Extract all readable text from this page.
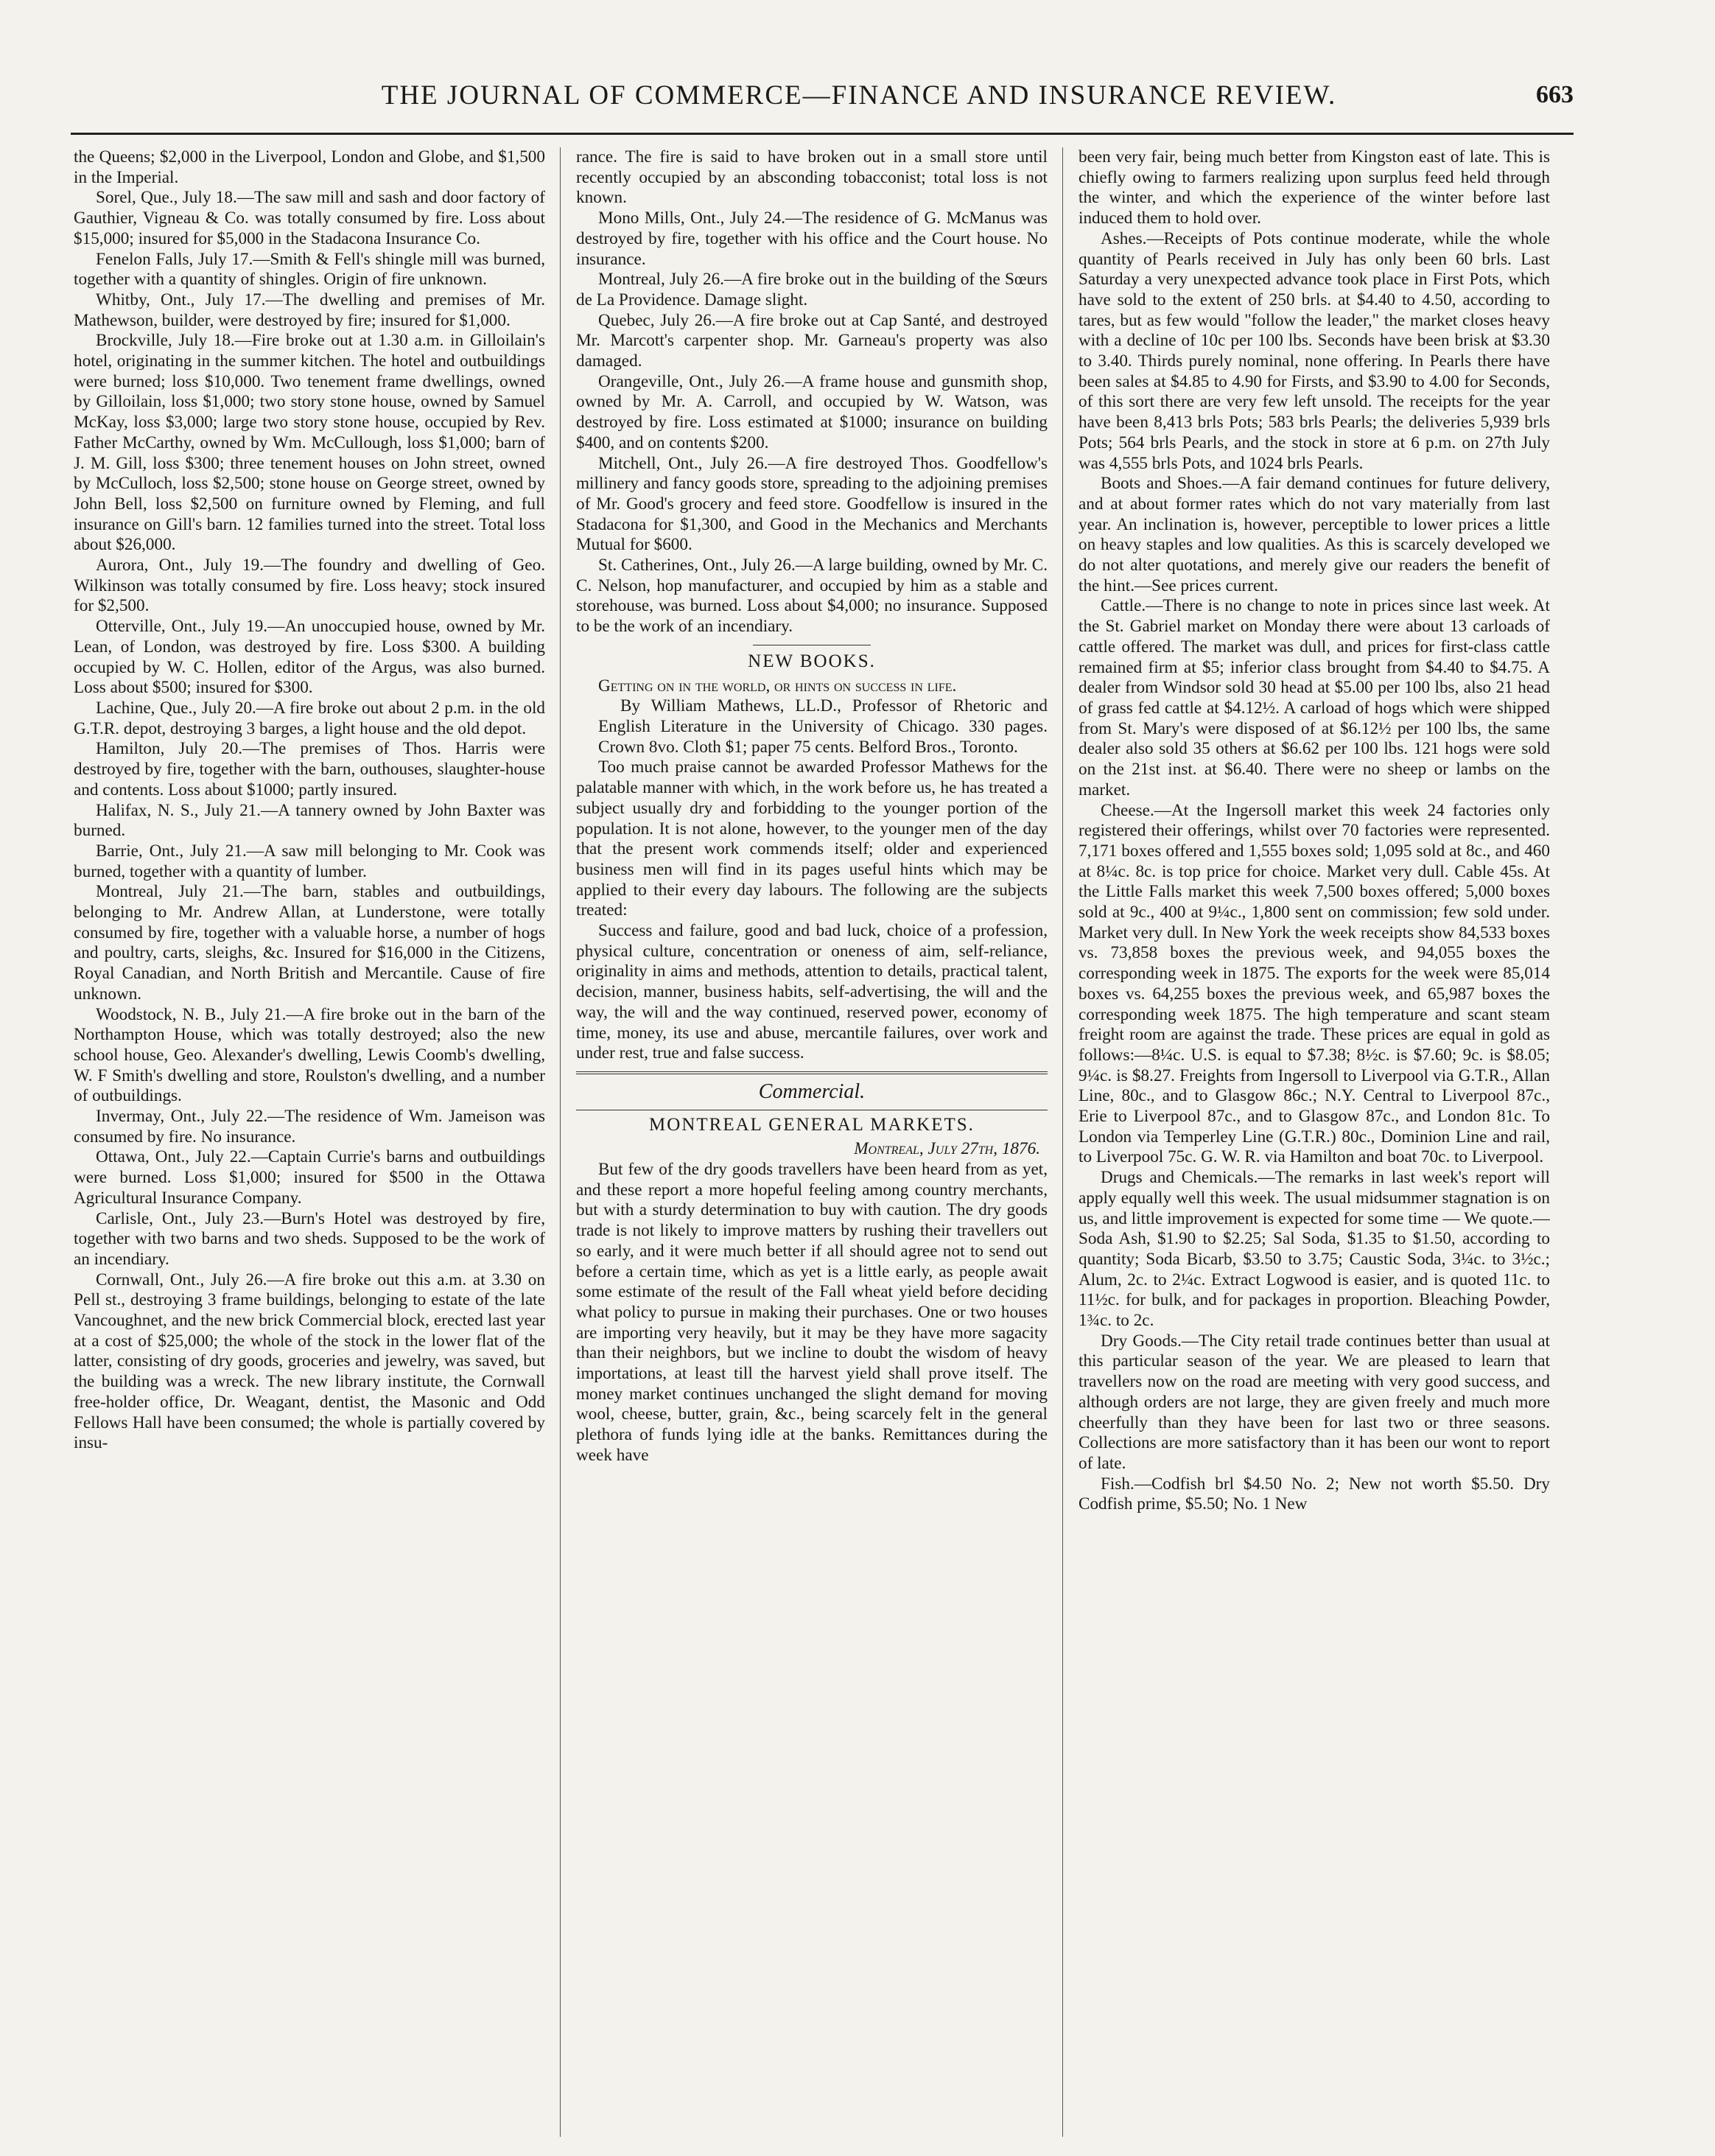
THE JOURNAL OF COMMERCE—FINANCE AND INSURANCE REVIEW.	663

the Queens; $2,000 in the Liverpool, London and Globe, and $1,500 in the Imperial.

Sorel, Que., July 18.—The saw mill and sash and door factory of Gauthier, Vigneau & Co. was totally consumed by fire. Loss about $15,000; insured for $5,000 in the Stadacona Insurance Co.

Fenelon Falls, July 17.—Smith & Fell's shingle mill was burned, together with a quantity of shingles. Origin of fire unknown.

Whitby, Ont., July 17.—The dwelling and premises of Mr. Mathewson, builder, were destroyed by fire; insured for $1,000.

Brockville, July 18.—Fire broke out at 1.30 a.m. in Gilloilain's hotel, originating in the summer kitchen. The hotel and outbuildings were burned; loss $10,000. Two tenement frame dwellings, owned by Gilloilain, loss $1,000; two story stone house, owned by Samuel McKay, loss $3,000; large two story stone house, occupied by Rev. Father McCarthy, owned by Wm. McCullough, loss $1,000; barn of J. M. Gill, loss $300; three tenement houses on John street, owned by McCulloch, loss $2,500; stone house on George street, owned by John Bell, loss $2,500 on furniture owned by Fleming, and full insurance on Gill's barn. 12 families turned into the street. Total loss about $26,000.

Aurora, Ont., July 19.—The foundry and dwelling of Geo. Wilkinson was totally consumed by fire. Loss heavy; stock insured for $2,500.

Otterville, Ont., July 19.—An unoccupied house, owned by Mr. Lean, of London, was destroyed by fire. Loss $300. A building occupied by W. C. Hollen, editor of the Argus, was also burned. Loss about $500; insured for $300.

Lachine, Que., July 20.—A fire broke out about 2 p.m. in the old G.T.R. depot, destroying 3 barges, a light house and the old depot.

Hamilton, July 20.—The premises of Thos. Harris were destroyed by fire, together with the barn, outhouses, slaughter-house and contents. Loss about $1000; partly insured.

Halifax, N. S., July 21.—A tannery owned by John Baxter was burned.

Barrie, Ont., July 21.—A saw mill belonging to Mr. Cook was burned, together with a quantity of lumber.

Montreal, July 21.—The barn, stables and outbuildings, belonging to Mr. Andrew Allan, at Lunderstone, were totally consumed by fire, together with a valuable horse, a number of hogs and poultry, carts, sleighs, &c. Insured for $16,000 in the Citizens, Royal Canadian, and North British and Mercantile. Cause of fire unknown.

Woodstock, N. B., July 21.—A fire broke out in the barn of the Northampton House, which was totally destroyed; also the new school house, Geo. Alexander's dwelling, Lewis Coomb's dwelling, W. F Smith's dwelling and store, Roulston's dwelling, and a number of outbuildings.

Invermay, Ont., July 22.—The residence of Wm. Jameison was consumed by fire. No insurance.

Ottawa, Ont., July 22.—Captain Currie's barns and outbuildings were burned. Loss $1,000; insured for $500 in the Ottawa Agricultural Insurance Company.

Carlisle, Ont., July 23.—Burn's Hotel was destroyed by fire, together with two barns and two sheds. Supposed to be the work of an incendiary.

Cornwall, Ont., July 26.—A fire broke out this a.m. at 3.30 on Pell st., destroying 3 frame buildings, belonging to estate of the late Vancoughnet, and the new brick Commercial block, erected last year at a cost of $25,000; the whole of the stock in the lower flat of the latter, consisting of dry goods, groceries and jewelry, was saved, but the building was a wreck. The new library institute, the Cornwall free-holder office, Dr. Weagant, dentist, the Masonic and Odd Fellows Hall have been consumed; the whole is partially covered by insu-

rance. The fire is said to have broken out in a small store until recently occupied by an absconding tobacconist; total loss is not known.

Mono Mills, Ont., July 24.—The residence of G. McManus was destroyed by fire, together with his office and the Court house. No insurance.

Montreal, July 26.—A fire broke out in the building of the Sœurs de La Providence. Damage slight.

Quebec, July 26.—A fire broke out at Cap Santé, and destroyed Mr. Marcott's carpenter shop. Mr. Garneau's property was also damaged.

Orangeville, Ont., July 26.—A frame house and gunsmith shop, owned by Mr. A. Carroll, and occupied by W. Watson, was destroyed by fire. Loss estimated at $1000; insurance on building $400, and on contents $200.

Mitchell, Ont., July 26.—A fire destroyed Thos. Goodfellow's millinery and fancy goods store, spreading to the adjoining premises of Mr. Good's grocery and feed store. Goodfellow is insured in the Stadacona for $1,300, and Good in the Mechanics and Merchants Mutual for $600.

St. Catherines, Ont., July 26.—A large building, owned by Mr. C. C. Nelson, hop manufacturer, and occupied by him as a stable and storehouse, was burned. Loss about $4,000; no insurance. Supposed to be the work of an incendiary.

NEW BOOKS.

Getting on in the world, or hints on success in life.

By William Mathews, LL.D., Professor of Rhetoric and English Literature in the University of Chicago. 330 pages. Crown 8vo. Cloth $1; paper 75 cents. Belford Bros., Toronto.

Too much praise cannot be awarded Professor Mathews for the palatable manner with which, in the work before us, he has treated a subject usually dry and forbidding to the younger portion of the population. It is not alone, however, to the younger men of the day that the present work commends itself; older and experienced business men will find in its pages useful hints which may be applied to their every day labours. The following are the subjects treated:

Success and failure, good and bad luck, choice of a profession, physical culture, concentration or oneness of aim, self-reliance, originality in aims and methods, attention to details, practical talent, decision, manner, business habits, self-advertising, the will and the way, the will and the way continued, reserved power, economy of time, money, its use and abuse, mercantile failures, over work and under rest, true and false success.

Commercial.
MONTREAL GENERAL MARKETS.

Montreal, July 27th, 1876.

But few of the dry goods travellers have been heard from as yet, and these report a more hopeful feeling among country merchants, but with a sturdy determination to buy with caution. The dry goods trade is not likely to improve matters by rushing their travellers out so early, and it were much better if all should agree not to send out before a certain time, which as yet is a little early, as people await some estimate of the result of the Fall wheat yield before deciding what policy to pursue in making their purchases. One or two houses are importing very heavily, but it may be they have more sagacity than their neighbors, but we incline to doubt the wisdom of heavy importations, at least till the harvest yield shall prove itself. The money market continues unchanged the slight demand for moving wool, cheese, butter, grain, &c., being scarcely felt in the general plethora of funds lying idle at the banks. Remittances during the week have

been very fair, being much better from Kingston east of late. This is chiefly owing to farmers realizing upon surplus feed held through the winter, and which the experience of the winter before last induced them to hold over.

Ashes.—Receipts of Pots continue moderate, while the whole quantity of Pearls received in July has only been 60 brls. Last Saturday a very unexpected advance took place in First Pots, which have sold to the extent of 250 brls. at $4.40 to 4.50, according to tares, but as few would "follow the leader," the market closes heavy with a decline of 10c per 100 lbs. Seconds have been brisk at $3.30 to 3.40. Thirds purely nominal, none offering. In Pearls there have been sales at $4.85 to 4.90 for Firsts, and $3.90 to 4.00 for Seconds, of this sort there are very few left unsold. The receipts for the year have been 8,413 brls Pots; 583 brls Pearls; the deliveries 5,939 brls Pots; 564 brls Pearls, and the stock in store at 6 p.m. on 27th July was 4,555 brls Pots, and 1024 brls Pearls.

Boots and Shoes.—A fair demand continues for future delivery, and at about former rates which do not vary materially from last year. An inclination is, however, perceptible to lower prices a little on heavy staples and low qualities. As this is scarcely developed we do not alter quotations, and merely give our readers the benefit of the hint.—See prices current.

Cattle.—There is no change to note in prices since last week. At the St. Gabriel market on Monday there were about 13 carloads of cattle offered. The market was dull, and prices for first-class cattle remained firm at $5; inferior class brought from $4.40 to $4.75. A dealer from Windsor sold 30 head at $5.00 per 100 lbs, also 21 head of grass fed cattle at $4.12½. A carload of hogs which were shipped from St. Mary's were disposed of at $6.12½ per 100 lbs, the same dealer also sold 35 others at $6.62 per 100 lbs. 121 hogs were sold on the 21st inst. at $6.40. There were no sheep or lambs on the market.

Cheese.—At the Ingersoll market this week 24 factories only registered their offerings, whilst over 70 factories were represented. 7,171 boxes offered and 1,555 boxes sold; 1,095 sold at 8c., and 460 at 8¼c. 8c. is top price for choice. Market very dull. Cable 45s. At the Little Falls market this week 7,500 boxes offered; 5,000 boxes sold at 9c., 400 at 9¼c., 1,800 sent on commission; few sold under. Market very dull. In New York the week receipts show 84,533 boxes vs. 73,858 boxes the previous week, and 94,055 boxes the corresponding week in 1875. The exports for the week were 85,014 boxes vs. 64,255 boxes the previous week, and 65,987 boxes the corresponding week 1875. The high temperature and scant steam freight room are against the trade. These prices are equal in gold as follows:—8¼c. U.S. is equal to $7.38; 8½c. is $7.60; 9c. is $8.05; 9¼c. is $8.27. Freights from Ingersoll to Liverpool via G.T.R., Allan Line, 80c., and to Glasgow 86c.; N.Y. Central to Liverpool 87c., Erie to Liverpool 87c., and to Glasgow 87c., and London 81c. To London via Temperley Line (G.T.R.) 80c., Dominion Line and rail, to Liverpool 75c. G. W. R. via Hamilton and boat 70c. to Liverpool.

Drugs and Chemicals.—The remarks in last week's report will apply equally well this week. The usual midsummer stagnation is on us, and little improvement is expected for some time — We quote.—Soda Ash, $1.90 to $2.25; Sal Soda, $1.35 to $1.50, according to quantity; Soda Bicarb, $3.50 to 3.75; Caustic Soda, 3¼c. to 3½c.; Alum, 2c. to 2¼c. Extract Logwood is easier, and is quoted 11c. to 11½c. for bulk, and for packages in proportion. Bleaching Powder, 1¾c. to 2c.

Dry Goods.—The City retail trade continues better than usual at this particular season of the year. We are pleased to learn that travellers now on the road are meeting with very good success, and although orders are not large, they are given freely and much more cheerfully than they have been for last two or three seasons. Collections are more satisfactory than it has been our wont to report of late.

Fish.—Codfish brl $4.50 No. 2; New not worth $5.50. Dry Codfish prime, $5.50; No. 1 New
